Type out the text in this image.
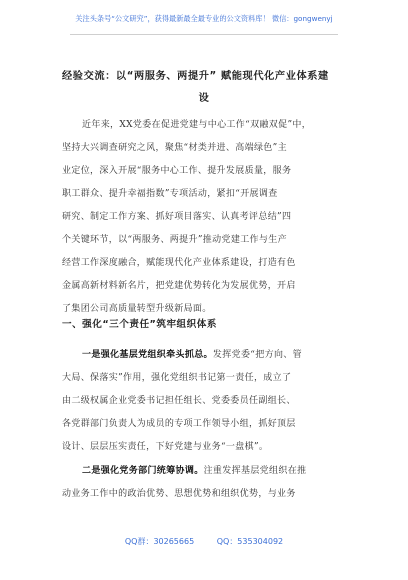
关注头条号“公文研究”，获得最新最全最专业的公文资料库！ 微信：gongwenyj
经验交流：以“两服务、两提升” 赋能现代化产业体系建
设
近年来，XX党委在促进党建与中心工作“双融双促”中，
坚持大兴调查研究之风，聚焦“材类并进、高端绿色”主
业定位，深入开展“服务中心工作、提升发展质量，服务
职工群众、提升幸福指数”专项活动，紧扣“开展调查
研究、制定工作方案、抓好项目落实、认真考评总结”四
个关键环节，以“两服务、两提升”推动党建工作与生产
经营工作深度融合，赋能现代化产业体系建设，打造有色
金属高新材料新名片，把党建优势转化为发展优势，开启
了集团公司高质量转型升级新局面。
一、强化“三个责任”筑牢组织体系
一是强化基层党组织牵头抓总。发挥党委“把方向、管
大局、保落实”作用，强化党组织书记第一责任，成立了
由二级权属企业党委书记担任组长、党委委员任副组长、
各党群部门负责人为成员的专项工作领导小组，抓好顶层
设计、层层压实责任，下好党建与业务“一盘棋”。
二是强化党务部门统筹协调。注重发挥基层党组织在推
动业务工作中的政治优势、思想优势和组织优势，与业务
QQ群：30265665	QQ：535304092
